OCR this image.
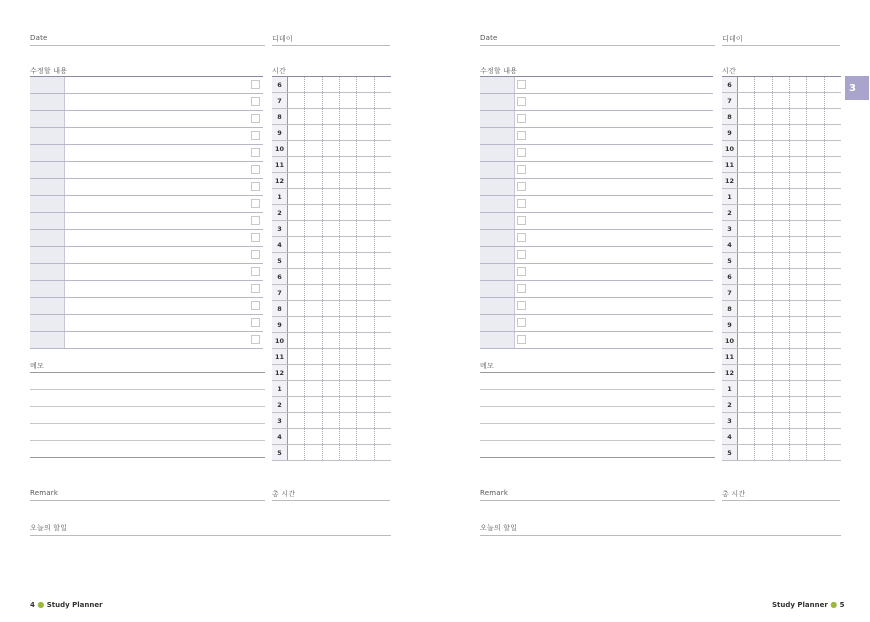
Date	디데이
수정할 내용	시간
6
7
8
9
10
11
12
1
2
3
4
5
6
7
8
9
10
11
12
1
2
3
4
5
메모
Remark	총 시간
오늘의 할일
4 ● Study Planner
Date	디데이
수정할 내용	시간
6
7
8
9
10
11
12
1
2
3
4
5
6
7
8
9
10
11
12
1
2
3
4
5
메모
Remark	총 시간
오늘의 할일
Study Planner ● 5
3
